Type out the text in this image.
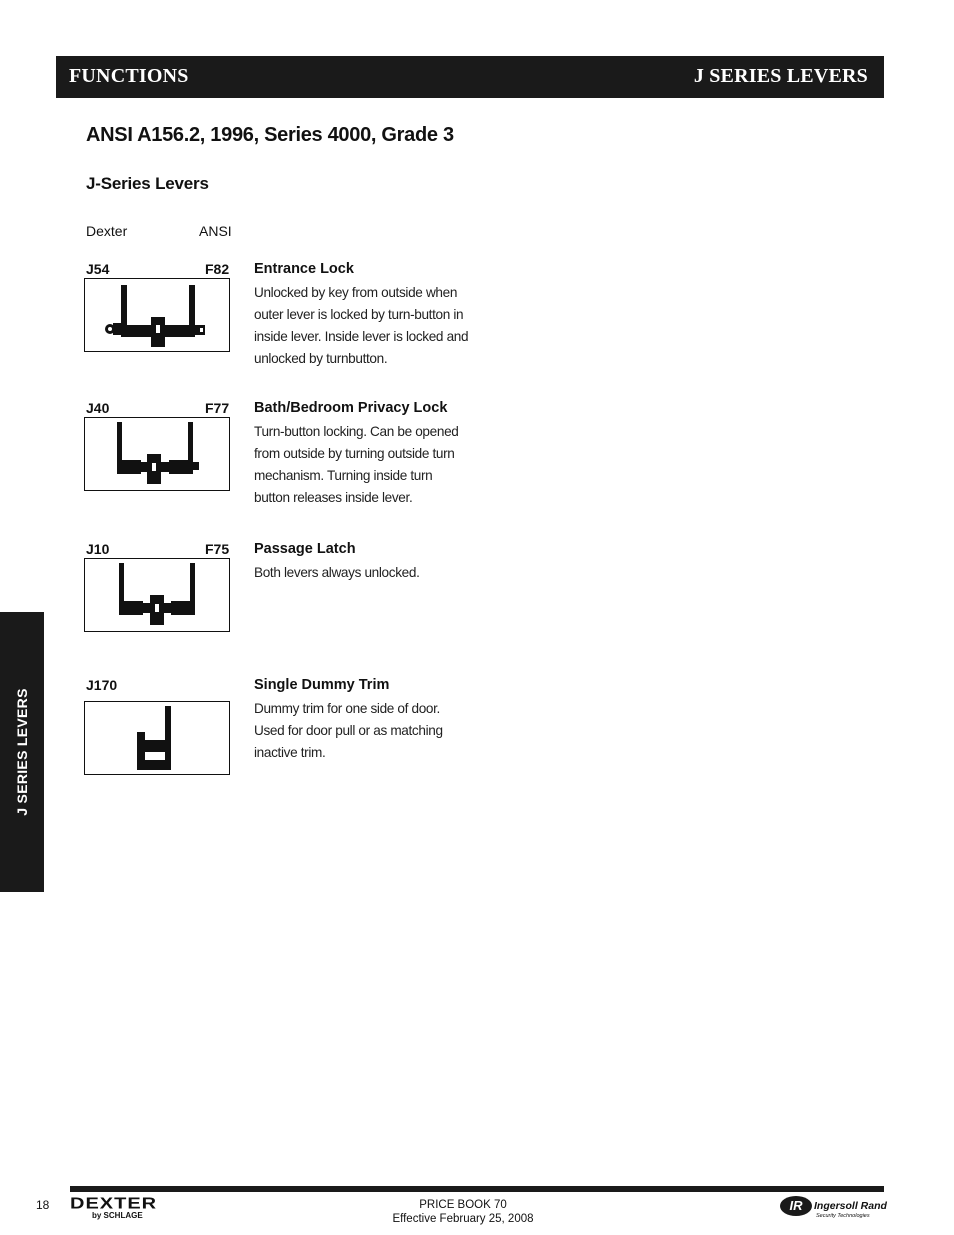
FUNCTIONS	J SERIES LEVERS
ANSI A156.2, 1996, Series 4000, Grade 3
J-Series Levers
Dexter	ANSI
J54	F82 Entrance Lock
Unlocked by key from outside when outer lever is locked by turn-button in inside lever. Inside lever is locked and unlocked by turnbutton.
J40	F77 Bath/Bedroom Privacy Lock
Turn-button locking. Can be opened from outside by turning outside turn mechanism. Turning inside turn button releases inside lever.
J10	F75 Passage Latch
Both levers always unlocked.
J170	Single Dummy Trim
Dummy trim for one side of door. Used for door pull or as matching inactive trim.
J SERIES LEVERS
18 DEXTER
by SCHLAGE
PRICE BOOK 70
Effective February 25, 2008
IR	Ingersoll Rand
Security Technologies
